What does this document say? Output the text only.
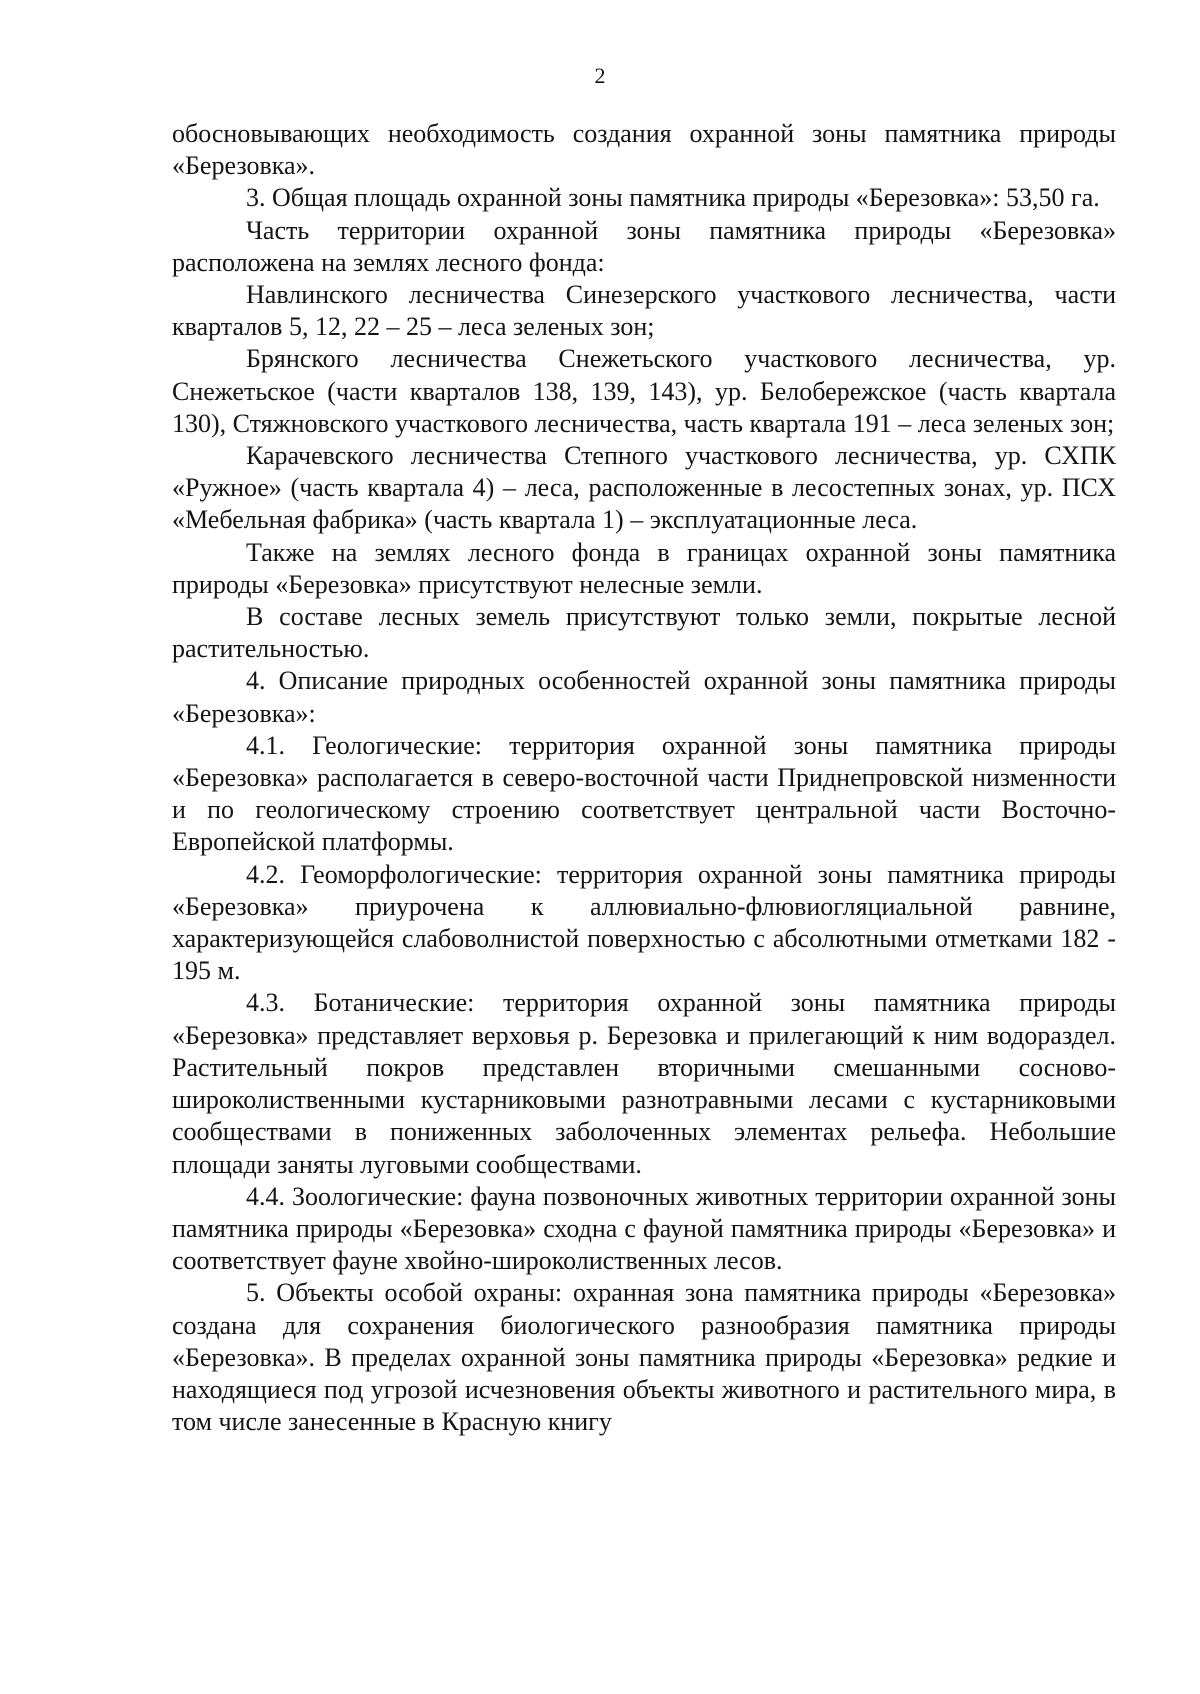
2

обосновывающих необходимость создания охранной зоны памятника природы «Березовка».

3. Общая площадь охранной зоны памятника природы «Березовка»: 53,50 га.

Часть территории охранной зоны памятника природы «Березовка» расположена на землях лесного фонда:

Навлинского лесничества Синезерского участкового лесничества, части кварталов 5, 12, 22 – 25 – леса зеленых зон;

Брянского лесничества Снежетьского участкового лесничества, ур. Снежетьское (части кварталов 138, 139, 143), ур. Белобережское (часть квартала 130), Стяжновского участкового лесничества, часть квартала 191 – леса зеленых зон;

Карачевского лесничества Степного участкового лесничества, ур. СХПК «Ружное» (часть квартала 4) – леса, расположенные в лесостепных зонах, ур. ПСХ «Мебельная фабрика» (часть квартала 1) – эксплуатационные леса.

Также на землях лесного фонда в границах охранной зоны памятника природы «Березовка» присутствуют нелесные земли.

В составе лесных земель присутствуют только земли, покрытые лесной растительностью.

4. Описание природных особенностей охранной зоны памятника природы «Березовка»:

4.1. Геологические: территория охранной зоны памятника природы «Березовка» располагается в северо-восточной части Приднепровской низменности и по геологическому строению соответствует центральной части Восточно-Европейской платформы.

4.2. Геоморфологические: территория охранной зоны памятника природы «Березовка» приурочена к аллювиально-флювиогляциальной равнине, характеризующейся слабоволнистой поверхностью с абсолютными отметками 182 - 195 м.

4.3. Ботанические: территория охранной зоны памятника природы «Березовка» представляет верховья р. Березовка и прилегающий к ним водораздел. Растительный покров представлен вторичными смешанными сосново-широколиственными кустарниковыми разнотравными лесами с кустарниковыми сообществами в пониженных заболоченных элементах рельефа. Небольшие площади заняты луговыми сообществами.

4.4. Зоологические: фауна позвоночных животных территории охранной зоны памятника природы «Березовка» сходна с фауной памятника природы «Березовка» и соответствует фауне хвойно-широколиственных лесов.

5. Объекты особой охраны: охранная зона памятника природы «Березовка» создана для сохранения биологического разнообразия памятника природы «Березовка». В пределах охранной зоны памятника природы «Березовка» редкие и находящиеся под угрозой исчезновения объекты животного и растительного мира, в том числе занесенные в Красную книгу
